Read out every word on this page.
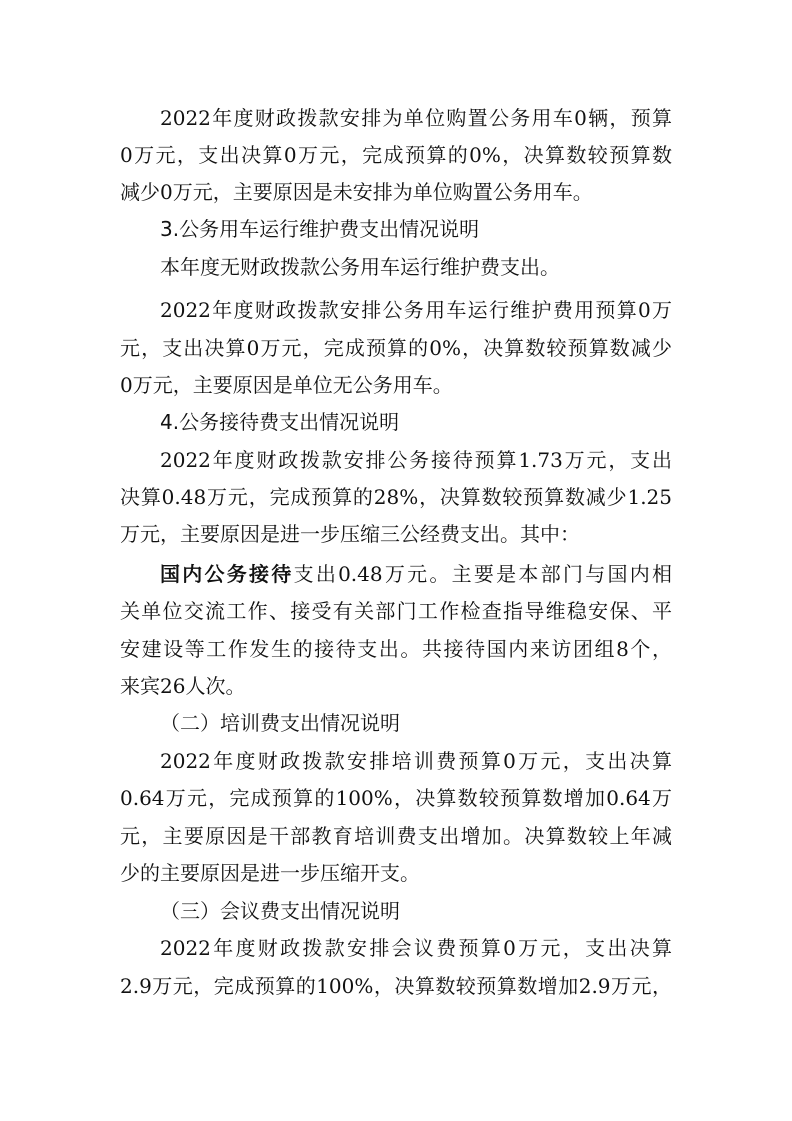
2022年度财政拨款安排为单位购置公务用车0辆，预算
0万元，支出决算0万元，完成预算的0%，决算数较预算数
减少0万元，主要原因是未安排为单位购置公务用车。
3.公务用车运行维护费支出情况说明
本年度无财政拨款公务用车运行维护费支出。
2022年度财政拨款安排公务用车运行维护费用预算0万
元，支出决算0万元，完成预算的0%，决算数较预算数减少
0万元，主要原因是单位无公务用车。
4.公务接待费支出情况说明
2022年度财政拨款安排公务接待预算1.73万元，支出
决算0.48万元，完成预算的28%，决算数较预算数减少1.25
万元，主要原因是进一步压缩三公经费支出。其中：
国内公务接待支出0.48万元。主要是本部门与国内相
关单位交流工作、接受有关部门工作检查指导维稳安保、平
安建设等工作发生的接待支出。共接待国内来访团组8个，
来宾26人次。
（二）培训费支出情况说明
2022年度财政拨款安排培训费预算0万元，支出决算
0.64万元，完成预算的100%，决算数较预算数增加0.64万
元，主要原因是干部教育培训费支出增加。决算数较上年减
少的主要原因是进一步压缩开支。
（三）会议费支出情况说明
2022年度财政拨款安排会议费预算0万元，支出决算
2.9万元，完成预算的100%，决算数较预算数增加2.9万元，
